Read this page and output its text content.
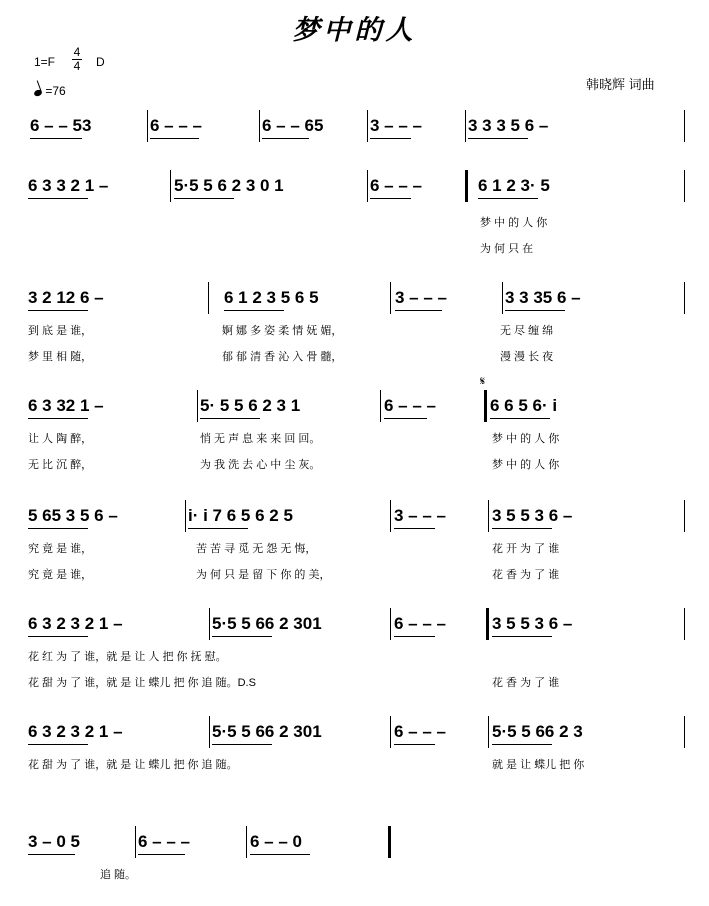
梦中的人
$1=F \frac{4}{4}$ D
=76	韩晓辉 词曲
6 – – 53	6 – – –	6 – – 65	3 – – –	3 3 3 5 6 –
6 3 3 2 1 –	5·5 5 6 2 3 0 1	6 – – –	6 1 2 3· 5
梦 中 的 人 你
为 何 只 在
3 2 12 6 –	6 1 2 3 5 6 5	3 – – –	3 3 35 6 –
到 底 是 谁，	婀 娜 多 姿 柔 情 妩 媚，	无 尽 缠 绵
梦 里 相 随，	郁 郁 清 香 沁 入 骨 髓，	漫 漫 长 夜
6 3 32 1 –	5· 5 5 6 2 3 1	6 – – –	6 6 5 6· i
让 人 陶 醉，	悄 无 声 息 来 来 回 回。	梦 中 的 人 你
无 比 沉 醉，	为 我 洗 去 心 中 尘 灰。	梦 中 的 人 你
𝄋
5 65 3 5 6 –	i· i 7 6 5 6 2 5	3 – – –	3 5 5 3 6 –
究 竟 是 谁，	苦 苦 寻 觅 无 怨 无 悔，	花 开 为 了 谁
究 竟 是 谁，	为 何 只 是 留 下 你 的 美，	花 香 为 了 谁
6 3 2 3 2 1 –	5·5 5 66 2 301	6 – – –	3 5 5 3 6 –
花 红 为 了 谁，就 是 让 人 把 你 抚 慰。
花 甜 为 了 谁，就 是 让 蝶儿 把 你 追 随。D.S	花 香 为 了 谁
6 3 2 3 2 1 –	5·5 5 66 2 301	6 – – –	5·5 5 66 2 3
花 甜 为 了 谁，就 是 让 蝶儿 把 你 追 随。	就 是 让 蝶儿 把 你
3 – 0 5	6 – – –	6 – – 0
追 随。
